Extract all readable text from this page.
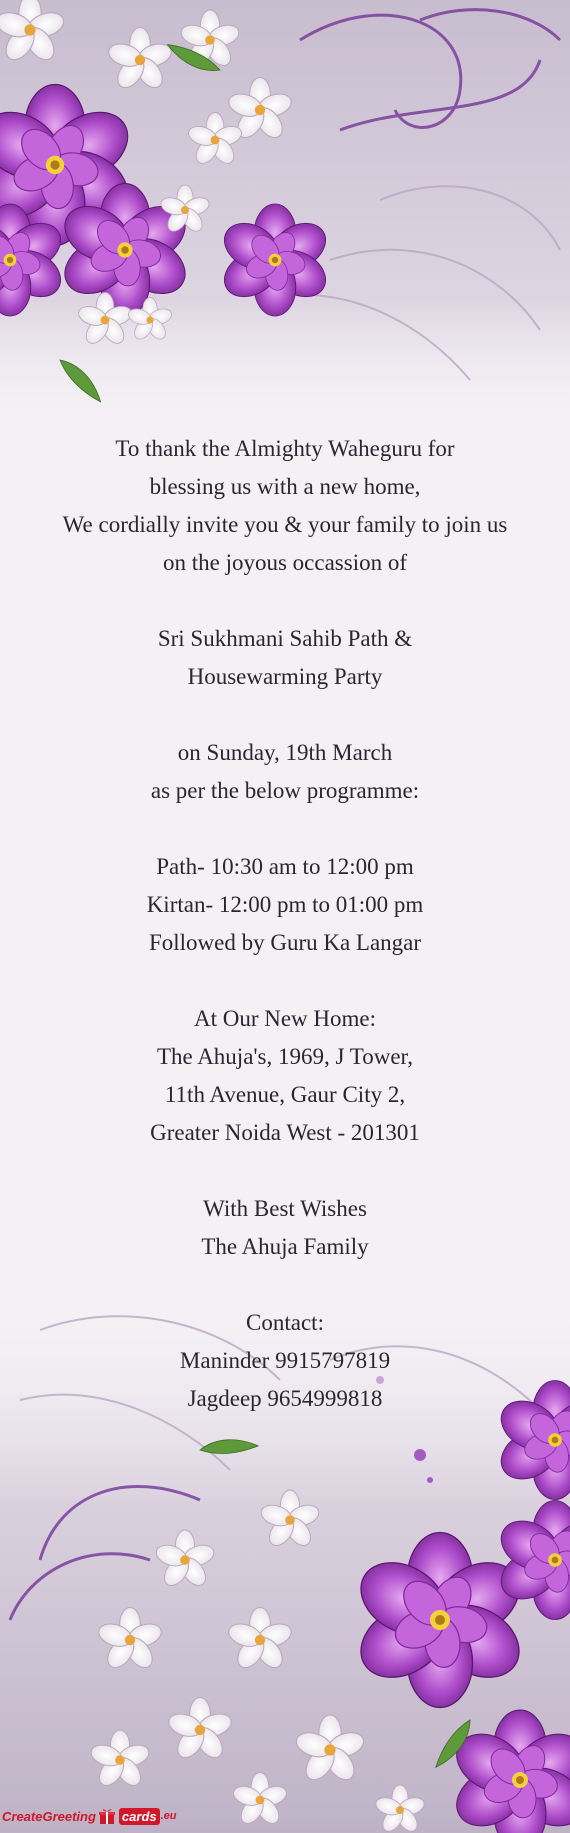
To thank the Almighty Waheguru for
blessing us with a new home,
We cordially invite you & your family to join us
on the joyous occassion of
Sri Sukhmani Sahib Path &
Housewarming Party
on Sunday, 19th March
as per the below programme:
Path- 10:30 am to 12:00 pm
Kirtan- 12:00 pm to 01:00 pm
Followed by Guru Ka Langar
At Our New Home:
The Ahuja's, 1969, J Tower,
11th Avenue, Gaur City 2,
Greater Noida West - 201301
With Best Wishes
The Ahuja Family
Contact:
Maninder 9915797819
Jagdeep 9654999818
CreateGreeting cards .eu
